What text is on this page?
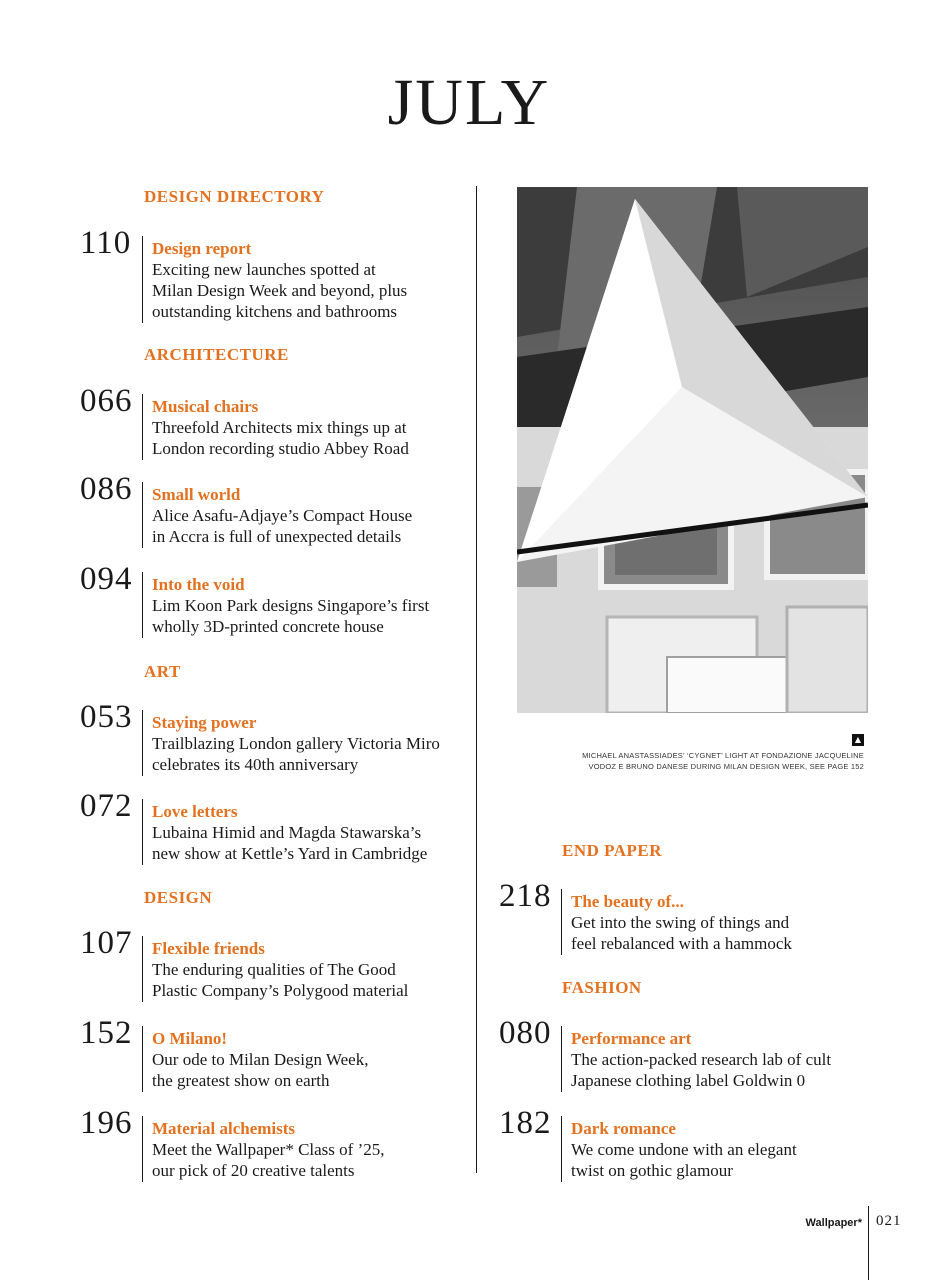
JULY
DESIGN DIRECTORY
110	Design report
Exciting new launches spotted at
Milan Design Week and beyond, plus
outstanding kitchens and bathrooms
ARCHITECTURE
066	Musical chairs
Threefold Architects mix things up at
London recording studio Abbey Road
086	Small world
Alice Asafu-Adjaye’s Compact House
in Accra is full of unexpected details
094	Into the void
Lim Koon Park designs Singapore’s first
wholly 3D-printed concrete house
ART
053	Staying power
Trailblazing London gallery Victoria Miro
celebrates its 40th anniversary
072	Love letters
Lubaina Himid and Magda Stawarska’s
new show at Kettle’s Yard in Cambridge
DESIGN
107	Flexible friends
The enduring qualities of The Good
Plastic Company’s Polygood material
152	O Milano!
Our ode to Milan Design Week,
the greatest show on earth
196	Material alchemists
Meet the Wallpaper* Class of ’25,
our pick of 20 creative talents
▲
MICHAEL ANASTASSIADES’ ‘CYGNET’ LIGHT AT FONDAZIONE JACQUELINE
VODOZ E BRUNO DANESE DURING MILAN DESIGN WEEK, SEE PAGE 152
END PAPER
218	The beauty of...
Get into the swing of things and
feel rebalanced with a hammock
FASHION
080	Performance art
The action-packed research lab of cult
Japanese clothing label Goldwin 0
182	Dark romance
We come undone with an elegant
twist on gothic glamour
Wallpaper* 021
